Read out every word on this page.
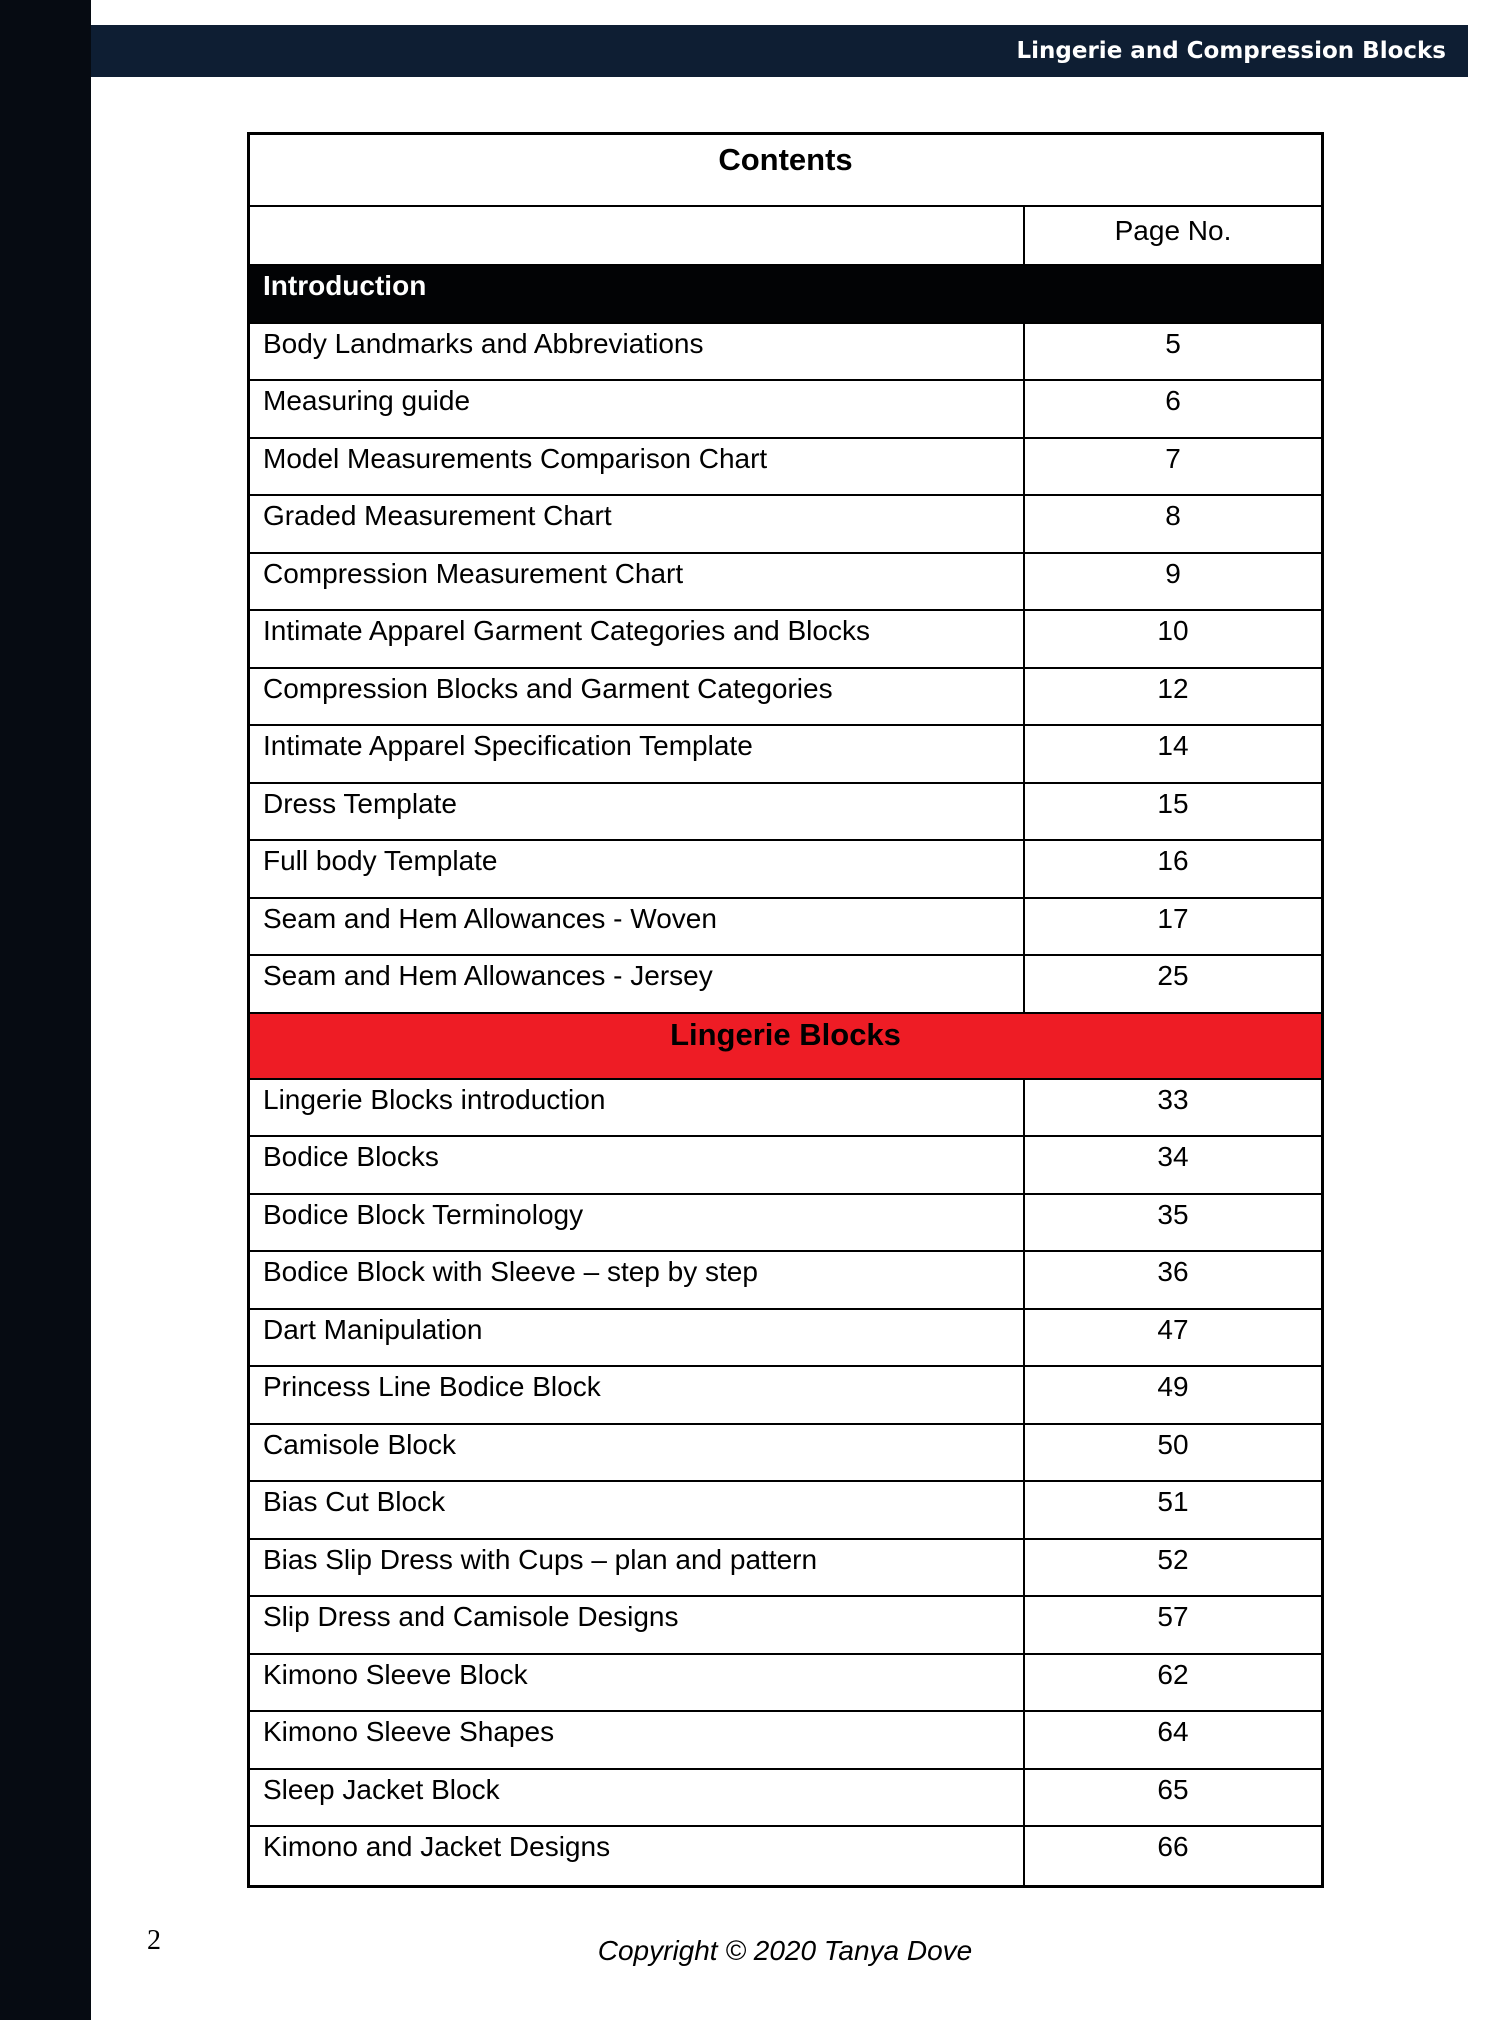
Lingerie and Compression Blocks
Contents
Page No.
Introduction
Body Landmarks and Abbreviations	5
Measuring guide	6
Model Measurements Comparison Chart	7
Graded Measurement Chart	8
Compression Measurement Chart	9
Intimate Apparel Garment Categories and Blocks	10
Compression Blocks and Garment Categories	12
Intimate Apparel Specification Template	14
Dress Template	15
Full body Template	16
Seam and Hem Allowances - Woven	17
Seam and Hem Allowances - Jersey	25
Lingerie Blocks
Lingerie Blocks introduction	33
Bodice Blocks	34
Bodice Block Terminology	35
Bodice Block with Sleeve – step by step	36
Dart Manipulation	47
Princess Line Bodice Block	49
Camisole Block	50
Bias Cut Block	51
Bias Slip Dress with Cups – plan and pattern	52
Slip Dress and Camisole Designs	57
Kimono Sleeve Block	62
Kimono Sleeve Shapes	64
Sleep Jacket Block	65
Kimono and Jacket Designs	66
2	Copyright © 2020 Tanya Dove
